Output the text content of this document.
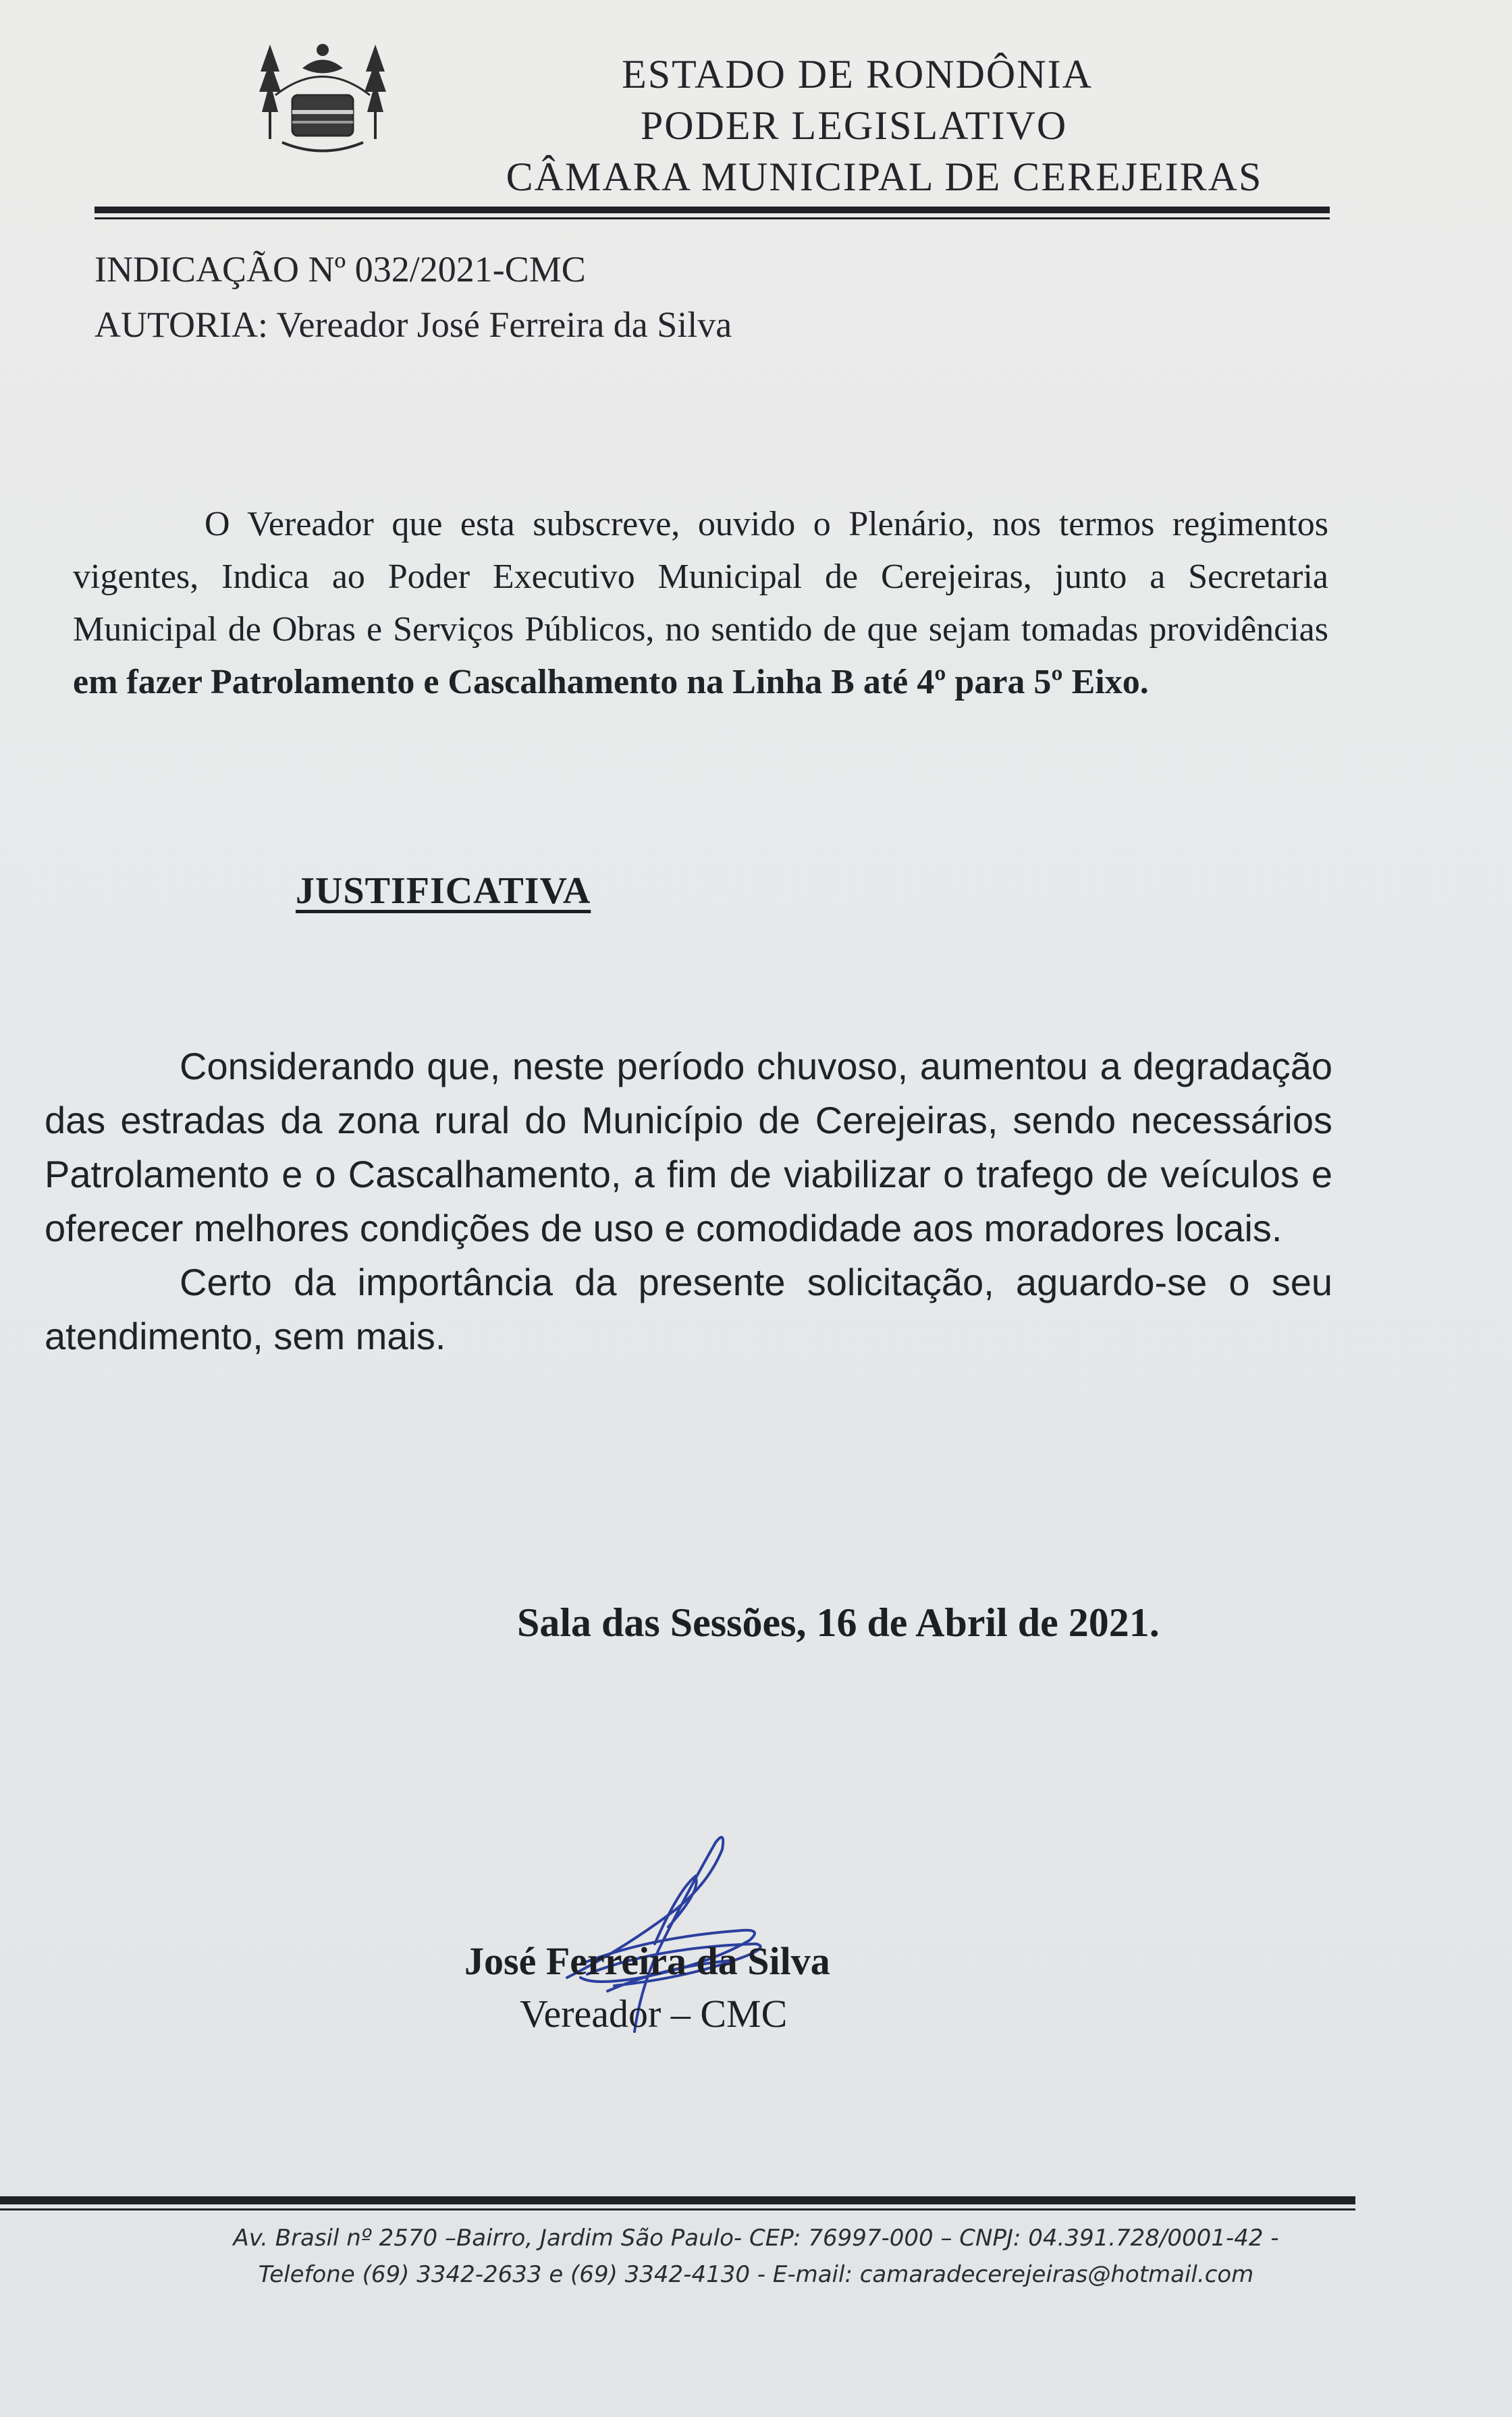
ESTADO DE RONDÔNIA
PODER LEGISLATIVO
CÂMARA MUNICIPAL DE CEREJEIRAS
INDICAÇÃO Nº 032/2021-CMC
AUTORIA: Vereador José Ferreira da Silva
O Vereador que esta subscreve, ouvido o Plenário, nos termos regimentos vigentes, Indica ao Poder Executivo Municipal de Cerejeiras, junto a Secretaria Municipal de Obras e Serviços Públicos, no sentido de que sejam tomadas providências em fazer Patrolamento e Cascalhamento na Linha B até 4º para 5º Eixo.
JUSTIFICATIVA

Considerando que, neste período chuvoso, aumentou a degradação das estradas da zona rural do Município de Cerejeiras, sendo necessários Patrolamento e o Cascalhamento, a fim de viabilizar o trafego de veículos e oferecer melhores condições de uso e comodidade aos moradores locais.

Certo da importância da presente solicitação, aguardo-se o seu atendimento, sem mais.

Sala das Sessões, 16 de Abril de 2021.
José Ferreira da Silva
Vereador – CMC
Av. Brasil nº 2570 –Bairro, Jardim São Paulo- CEP: 76997-000 – CNPJ: 04.391.728/0001-42 -
Telefone (69) 3342-2633 e (69) 3342-4130 - E-mail: camaradecerejeiras@hotmail.com
